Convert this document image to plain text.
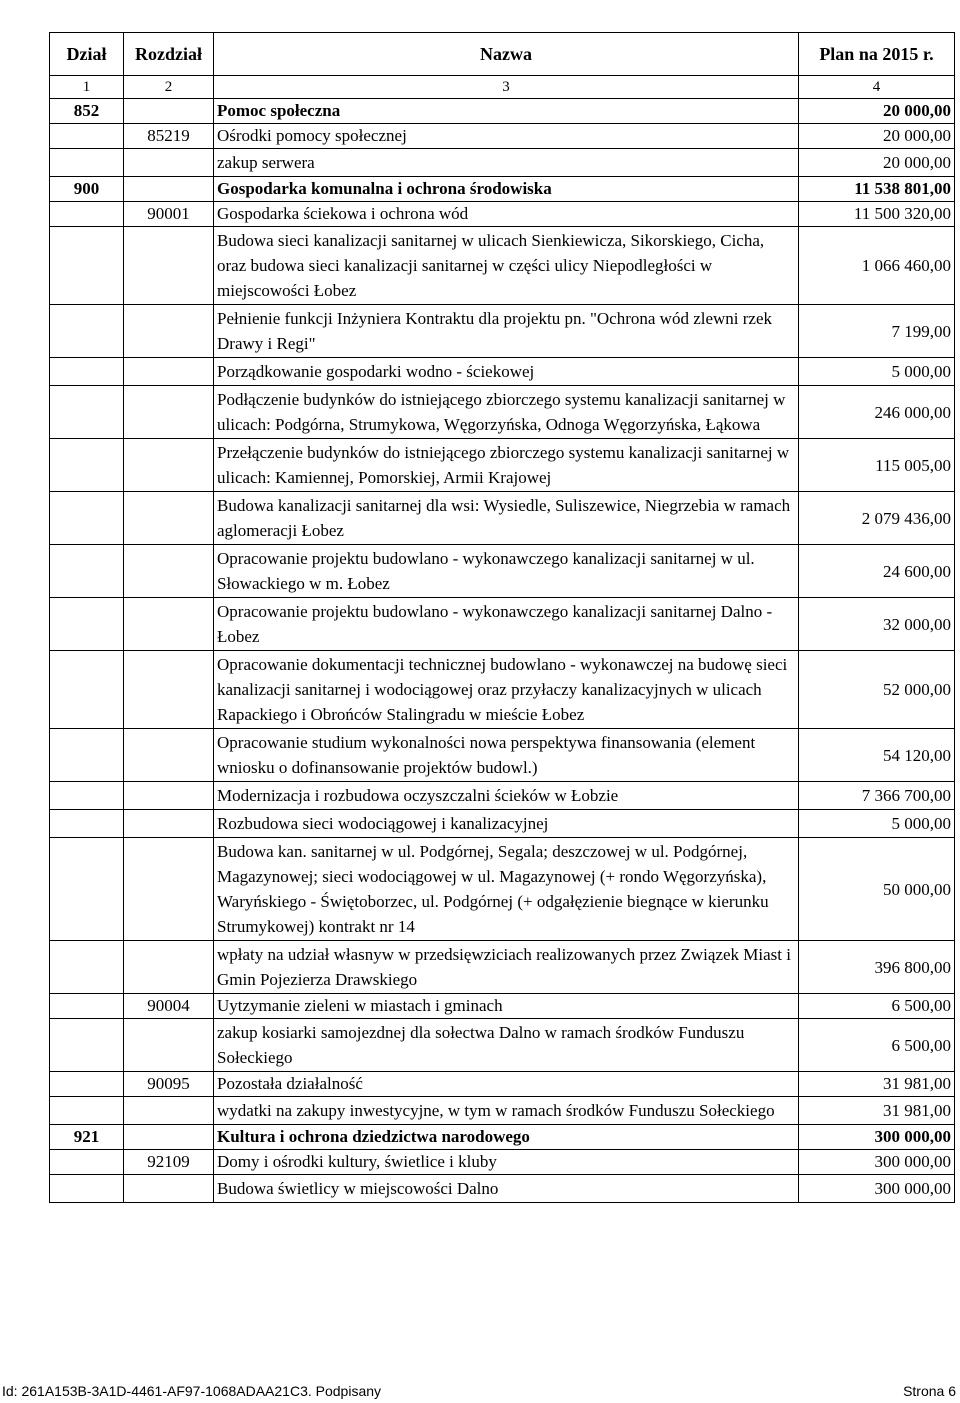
Dział	Rozdział	Nazwa	Plan na 2015 r.
1	2	3	4
852		Pomoc społeczna	20 000,00
	85219	Ośrodki pomocy społecznej	20 000,00
		zakup serwera	20 000,00
900		Gospodarka komunalna i ochrona środowiska	11 538 801,00
	90001	Gospodarka ściekowa i ochrona wód	11 500 320,00
		Budowa sieci kanalizacji sanitarnej w ulicach Sienkiewicza, Sikorskiego, Cicha, oraz budowa sieci kanalizacji sanitarnej w części ulicy Niepodległości w miejscowości Łobez	1 066 460,00
		Pełnienie funkcji Inżyniera Kontraktu dla projektu pn. "Ochrona wód zlewni rzek Drawy i Regi"	7 199,00
		Porządkowanie gospodarki wodno - ściekowej	5 000,00
		Podłączenie budynków do istniejącego zbiorczego systemu kanalizacji sanitarnej w ulicach: Podgórna, Strumykowa, Węgorzyńska, Odnoga Węgorzyńska, Łąkowa	246 000,00
		Przełączenie budynków do istniejącego zbiorczego systemu kanalizacji sanitarnej w ulicach: Kamiennej, Pomorskiej, Armii Krajowej	115 005,00
		Budowa kanalizacji sanitarnej dla wsi: Wysiedle, Suliszewice, Niegrzebia w ramach aglomeracji Łobez	2 079 436,00
		Opracowanie projektu budowlano - wykonawczego kanalizacji sanitarnej w ul. Słowackiego w m. Łobez	24 600,00
		Opracowanie projektu budowlano - wykonawczego kanalizacji sanitarnej Dalno - Łobez	32 000,00
		Opracowanie dokumentacji technicznej budowlano - wykonawczej na budowę sieci kanalizacji sanitarnej i wodociągowej oraz przyłaczy kanalizacyjnych w ulicach Rapackiego i Obrońców Stalingradu w mieście Łobez	52 000,00
		Opracowanie studium wykonalności nowa perspektywa finansowania (element wniosku o dofinansowanie projektów budowl.)	54 120,00
		Modernizacja i rozbudowa oczyszczalni ścieków w Łobzie	7 366 700,00
		Rozbudowa sieci wodociągowej i kanalizacyjnej	5 000,00
		Budowa kan. sanitarnej w ul. Podgórnej, Segala; deszczowej w ul. Podgórnej, Magazynowej; sieci wodociągowej w ul. Magazynowej (+ rondo Węgorzyńska), Waryńskiego - Świętoborzec, ul. Podgórnej (+ odgałęzienie biegnące w kierunku Strumykowej) kontrakt nr 14	50 000,00
		wpłaty na udział własnyw w przedsięwziciach realizowanych przez Związek Miast i Gmin Pojezierza Drawskiego	396 800,00
	90004	Uytzymanie zieleni w miastach i gminach	6 500,00
		zakup kosiarki samojezdnej dla sołectwa Dalno w ramach środków Funduszu Sołeckiego	6 500,00
	90095	Pozostała działalność	31 981,00
		wydatki na zakupy inwestycyjne, w tym w ramach środków Funduszu Sołeckiego	31 981,00
921		Kultura i ochrona dziedzictwa narodowego	300 000,00
	92109	Domy i ośrodki kultury, świetlice i kluby	300 000,00
		Budowa świetlicy w miejscowości Dalno	300 000,00
Id: 261A153B-3A1D-4461-AF97-1068ADAA21C3. Podpisany	Strona 6
